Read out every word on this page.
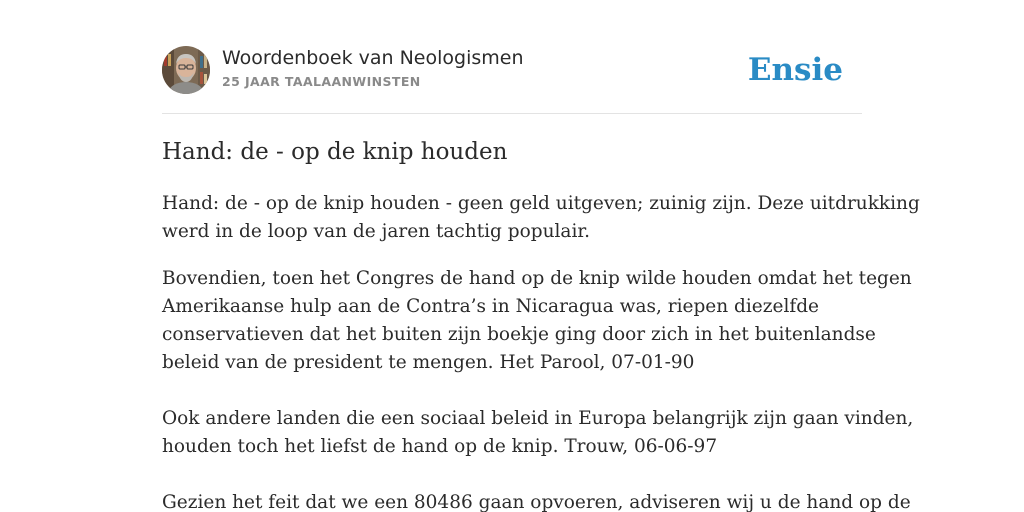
Woordenboek van Neologismen
25 JAAR TAALAANWINSTEN	Ensie
Hand: de - op de knip houden

Hand: de - op de knip houden - geen geld uitgeven; zuinig zijn. Deze uitdrukking
werd in de loop van de jaren tachtig populair.

Bovendien, toen het Congres de hand op de knip wilde houden omdat het tegen
Amerikaanse hulp aan de Contra’s in Nicaragua was, riepen diezelfde
conservatieven dat het buiten zijn boekje ging door zich in het buitenlandse
beleid van de president te mengen. Het Parool, 07-01-90

Ook andere landen die een sociaal beleid in Europa belangrijk zijn gaan vinden,
houden toch het liefst de hand op de knip. Trouw, 06-06-97

Gezien het feit dat we een 80486 gaan opvoeren, adviseren wij u de hand op de
